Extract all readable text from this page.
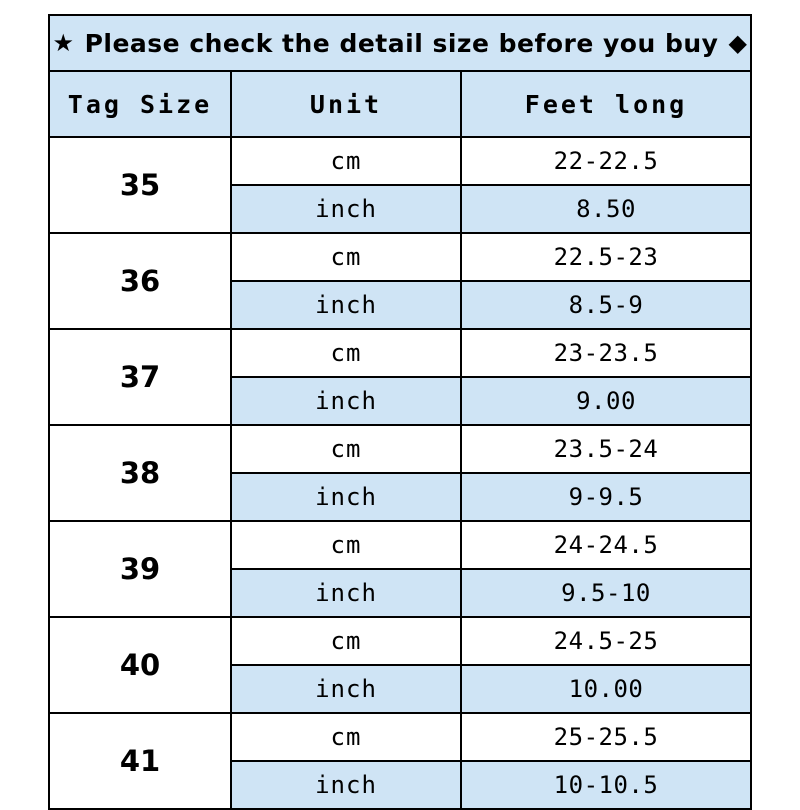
★ Please check the detail size before you buy ◆		

Tag Size	Unit	Feet long
35	cm	22-22.5
	inch	8.50
36	cm	22.5-23
	inch	8.5-9
37	cm	23-23.5
	inch	9.00
38	cm	23.5-24
	inch	9-9.5
39	cm	24-24.5
	inch	9.5-10
40	cm	24.5-25
	inch	10.00
41	cm	25-25.5
	inch	10-10.5
